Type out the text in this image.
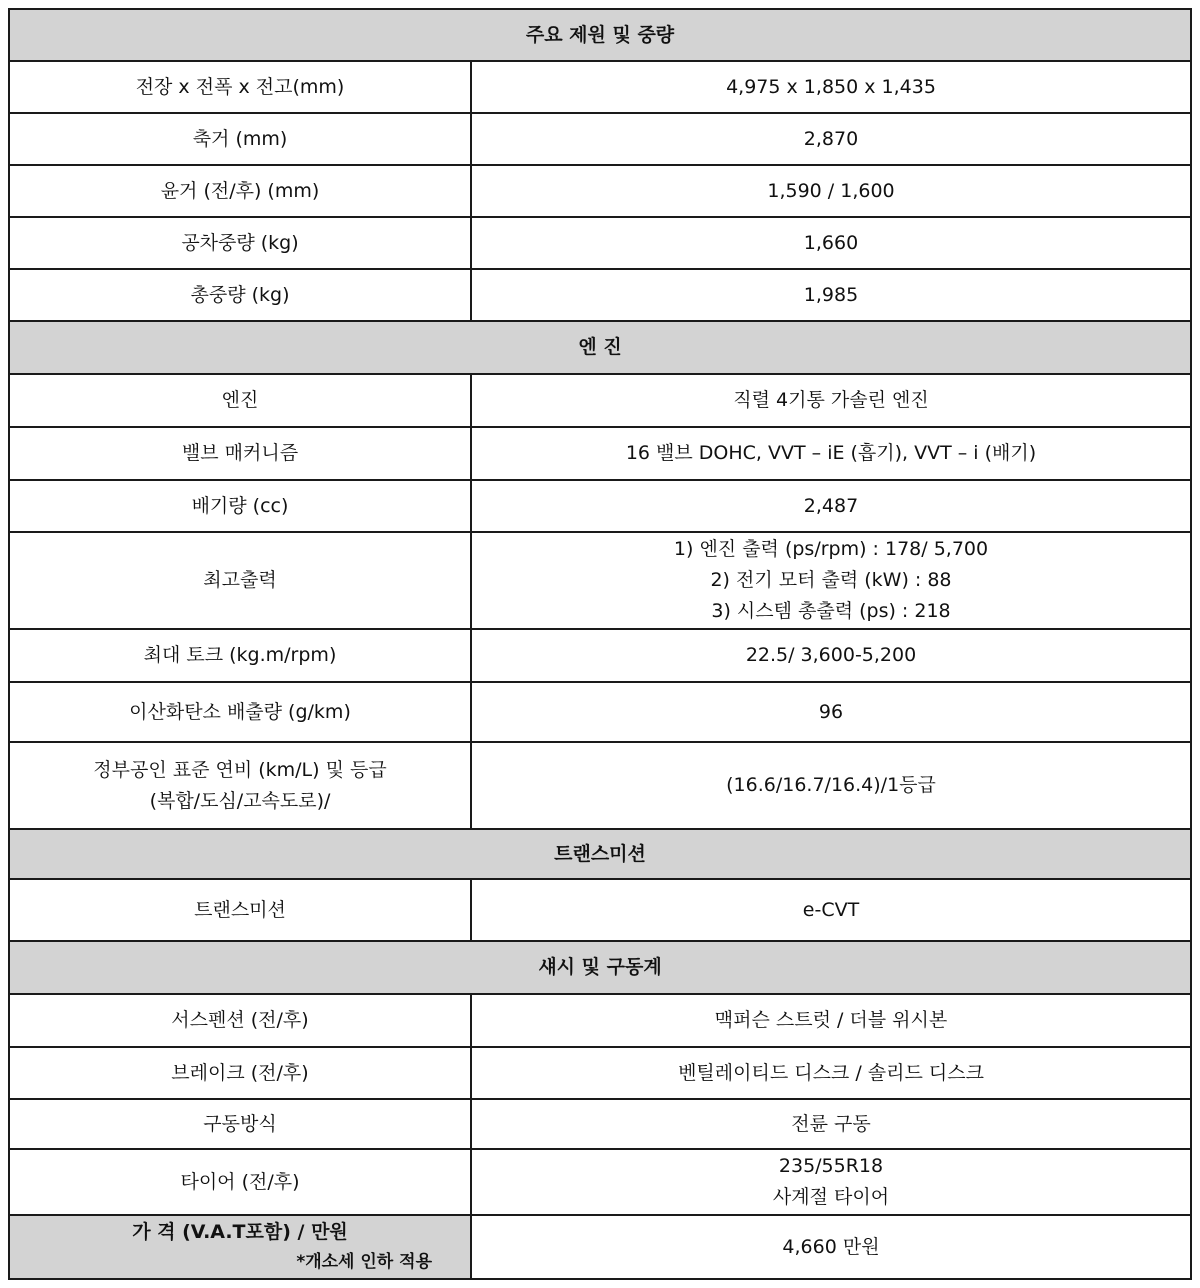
주요 제원 및 중량	
전장 x 전폭 x 전고(mm)	4,975 x 1,850 x 1,435
축거 (mm)	2,870
윤거 (전/후) (mm)	1,590 / 1,600
공차중량 (kg)	1,660
총중량 (kg)	1,985
엔 진	
엔진	직렬 4기통 가솔린 엔진
밸브 매커니즘	16 밸브 DOHC, VVT – iE (흡기), VVT – i (배기)
배기량 (cc)	2,487
최고출력	1) 엔진 출력 (ps/rpm) : 178/ 5,700
2) 전기 모터 출력 (kW) : 88
3) 시스템 총출력 (ps) : 218

최대 토크 (kg.m/rpm)	22.5/ 3,600-5,200
이산화탄소 배출량 (g/km)	96

정부공인 표준 연비 (km/L) 및 등급
(복합/도심/고속도로)/	(16.6/16.7/16.4)/1등급
트랜스미션	
트랜스미션	e-CVT
섀시 및 구동계	
서스펜션 (전/후)	맥퍼슨 스트럿 / 더블 위시본
브레이크 (전/후)	벤틸레이티드 디스크 / 솔리드 디스크
구동방식	전륜 구동
타이어 (전/후)	235/55R18
사계절 타이어

가 격 (V.A.T포함) / 만원
*개소세 인하 적용	4,660 만원
